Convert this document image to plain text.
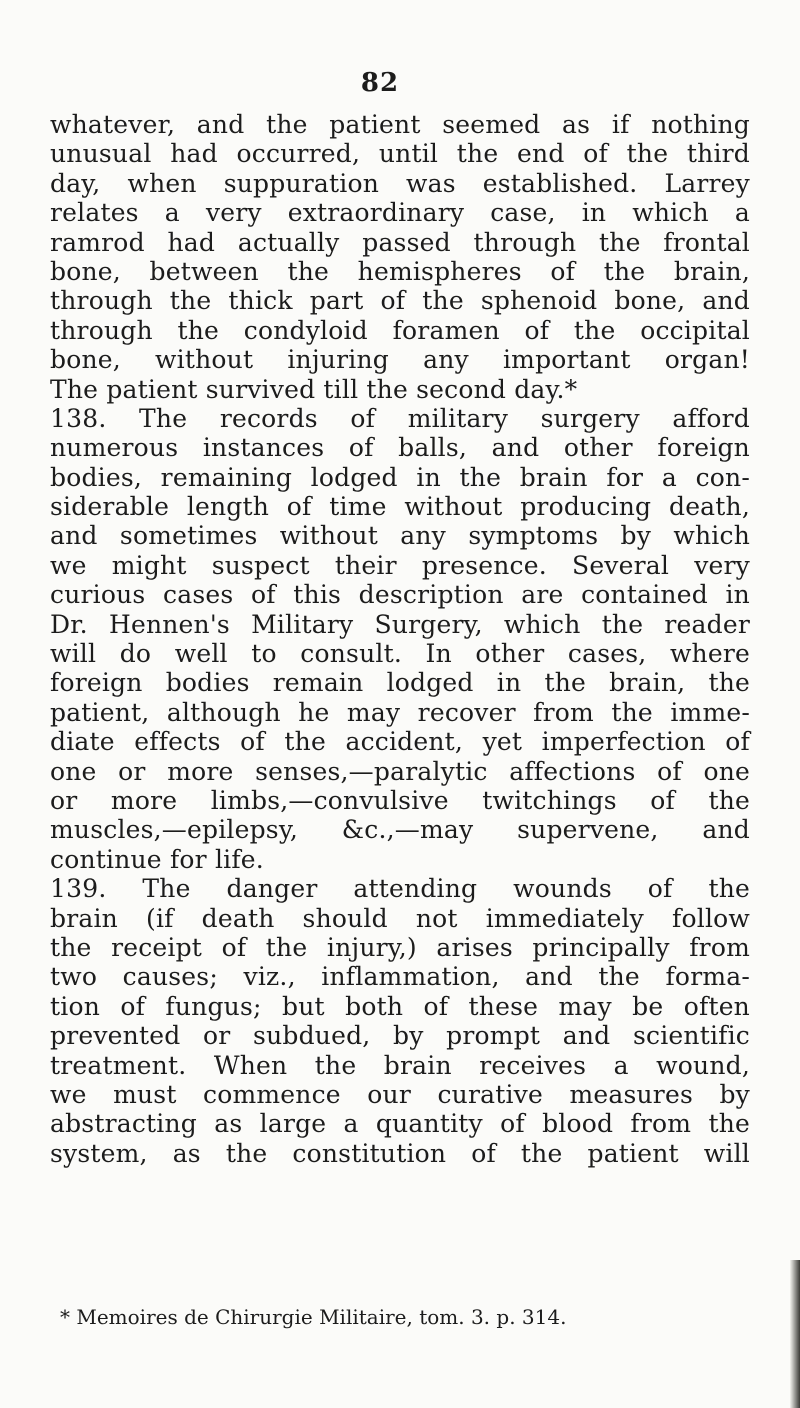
82
whatever, and the patient seemed as if nothing
unusual had occurred, until the end of the third
day, when suppuration was established. Larrey
relates a very extraordinary case, in which a
ramrod had actually passed through the frontal
bone, between the hemispheres of the brain,
through the thick part of the sphenoid bone, and
through the condyloid foramen of the occipital
bone, without injuring any important organ!
The patient survived till the second day.*
138. The records of military surgery afford
numerous instances of balls, and other foreign
bodies, remaining lodged in the brain for a con-
siderable length of time without producing death,
and sometimes without any symptoms by which
we might suspect their presence. Several very
curious cases of this description are contained in
Dr. Hennen's Military Surgery, which the reader
will do well to consult. In other cases, where
foreign bodies remain lodged in the brain, the
patient, although he may recover from the imme-
diate effects of the accident, yet imperfection of
one or more senses,—paralytic affections of one
or more limbs,—convulsive twitchings of the
muscles,—epilepsy, &c.,—may supervene, and
continue for life.
139. The danger attending wounds of the
brain (if death should not immediately follow
the receipt of the injury,) arises principally from
two causes; viz., inflammation, and the forma-
tion of fungus; but both of these may be often
prevented or subdued, by prompt and scientific
treatment. When the brain receives a wound,
we must commence our curative measures by
abstracting as large a quantity of blood from the
system, as the constitution of the patient will
* Memoires de Chirurgie Militaire, tom. 3. p. 314.
